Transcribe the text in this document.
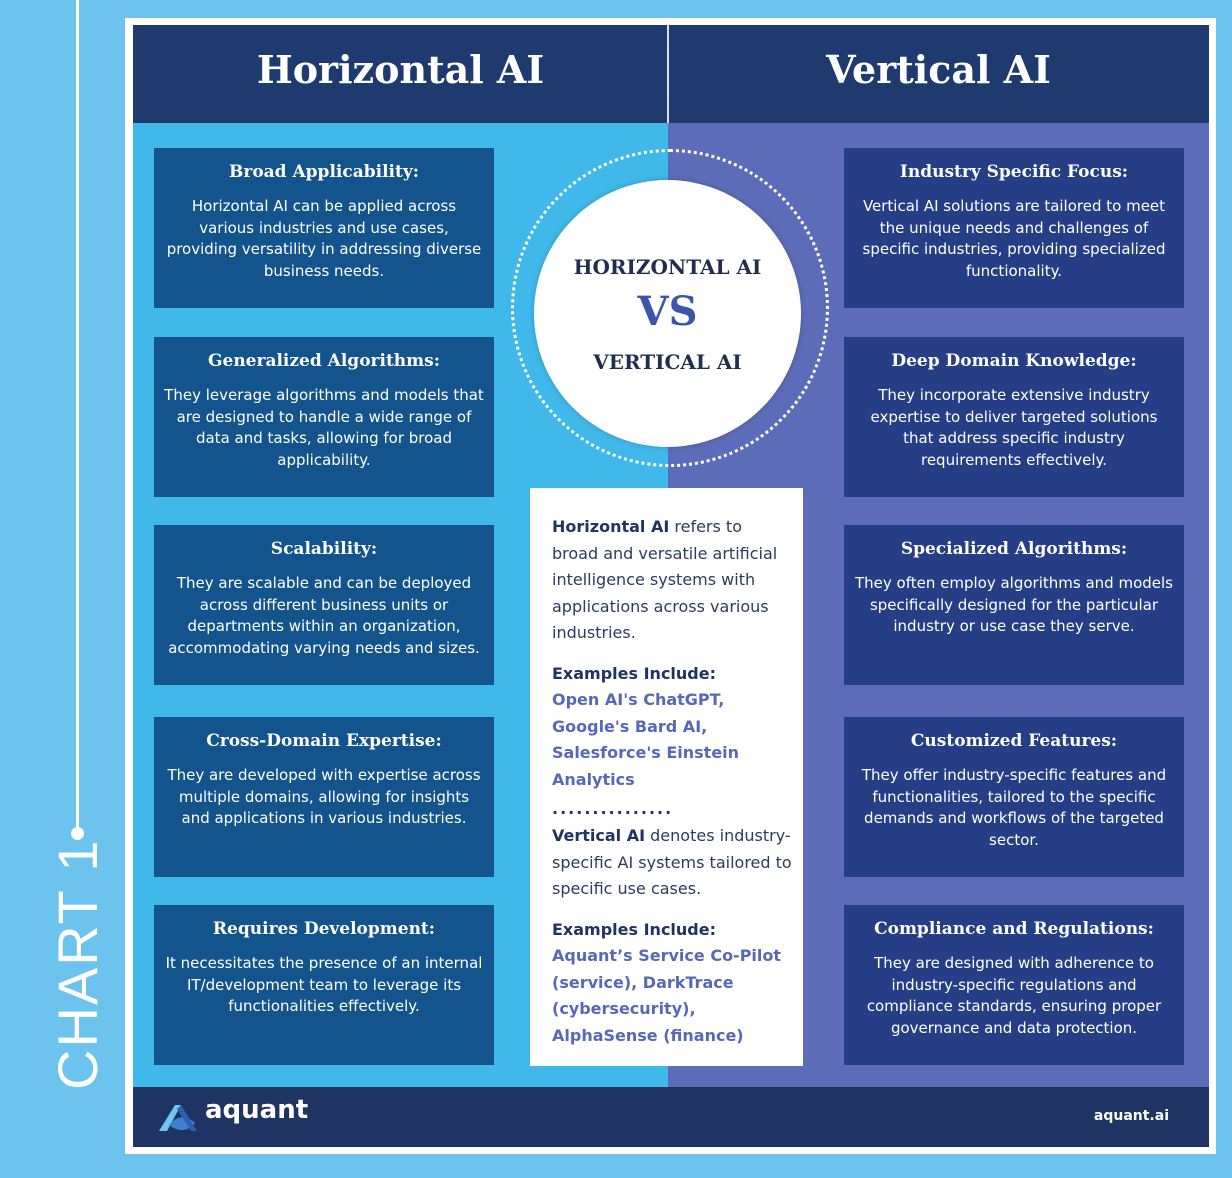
CHART 1
Horizontal AI	Vertical AI
Broad Applicability:

Horizontal AI can be applied across various industries and use cases, providing versatility in addressing diverse business needs.

Generalized Algorithms:

They leverage algorithms and models that are designed to handle a wide range of data and tasks, allowing for broad applicability.

Scalability:

They are scalable and can be deployed across different business units or departments within an organization, accommodating varying needs and sizes.

Cross-Domain Expertise:

They are developed with expertise across multiple domains, allowing for insights and applications in various industries.

Requires Development:

It necessitates the presence of an internal IT/development team to leverage its functionalities effectively.

Industry Specific Focus:

Vertical AI solutions are tailored to meet the unique needs and challenges of specific industries, providing specialized functionality.

Deep Domain Knowledge:

They incorporate extensive industry expertise to deliver targeted solutions that address specific industry requirements effectively.

Specialized Algorithms:

They often employ algorithms and models specifically designed for the particular industry or use case they serve.

Customized Features:

They offer industry-specific features and functionalities, tailored to the specific demands and workflows of the targeted sector.

Compliance and Regulations:

They are designed with adherence to industry-specific regulations and compliance standards, ensuring proper governance and data protection.

HORIZONTAL AI
VS
VERTICAL AI
Horizontal AI refers to broad and versatile artificial intelligence systems with applications across various industries.
Examples Include:
Open AI's ChatGPT, Google's Bard AI, Salesforce's Einstein Analytics
...............
Vertical AI denotes industry-specific AI systems tailored to specific use cases.
Examples Include:
Aquant’s Service Co-Pilot (service), DarkTrace (cybersecurity), AlphaSense (finance)
aquant	aquant.ai
